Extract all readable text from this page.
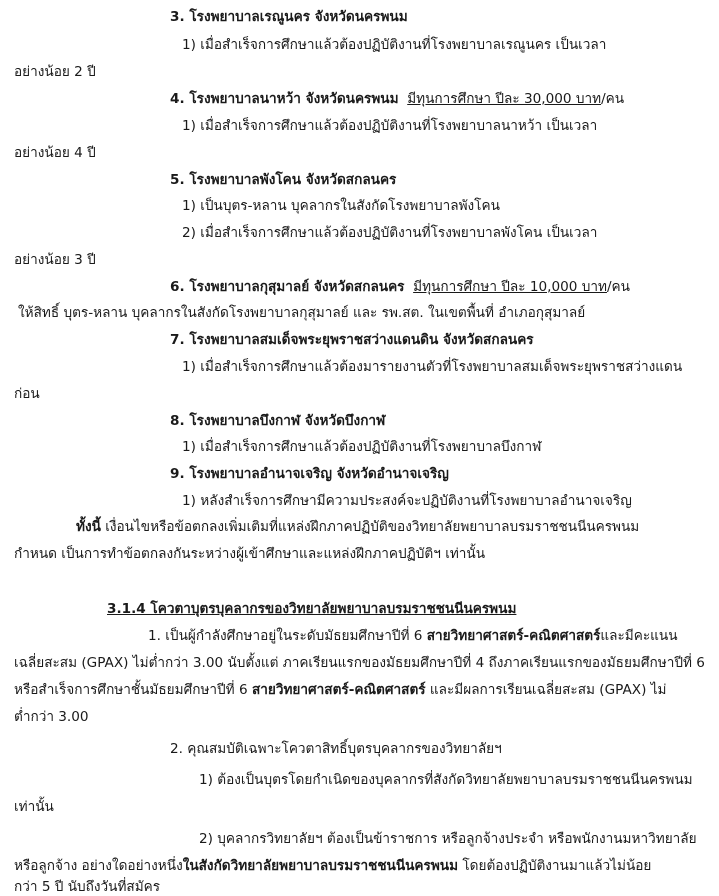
3. โรงพยาบาลเรณูนคร จังหวัดนครพนม
1) เมื่อสำเร็จการศึกษาแล้วต้องปฏิบัติงานที่โรงพยาบาลเรณูนคร เป็นเวลา
อย่างน้อย 2 ปี
4. โรงพยาบาลนาหว้า จังหวัดนครพนม มีทุนการศึกษา ปีละ 30,000 บาท/คน
1) เมื่อสำเร็จการศึกษาแล้วต้องปฏิบัติงานที่โรงพยาบาลนาหว้า เป็นเวลา
อย่างน้อย 4 ปี
5. โรงพยาบาลพังโคน จังหวัดสกลนคร
1) เป็นบุตร-หลาน บุคลากรในสังกัดโรงพยาบาลพังโคน
2) เมื่อสำเร็จการศึกษาแล้วต้องปฏิบัติงานที่โรงพยาบาลพังโคน เป็นเวลา
อย่างน้อย 3 ปี
6. โรงพยาบาลกุสุมาลย์ จังหวัดสกลนคร มีทุนการศึกษา ปีละ 10,000 บาท/คน
ให้สิทธิ์ บุตร-หลาน บุคลากรในสังกัดโรงพยาบาลกุสุมาลย์ และ รพ.สต. ในเขตพื้นที่ อำเภอกุสุมาลย์
7. โรงพยาบาลสมเด็จพระยุพราชสว่างแดนดิน จังหวัดสกลนคร
1) เมื่อสำเร็จการศึกษาแล้วต้องมารายงานตัวที่โรงพยาบาลสมเด็จพระยุพราชสว่างแดน
ก่อน
8. โรงพยาบาลบึงกาฬ จังหวัดบึงกาฬ
1) เมื่อสำเร็จการศึกษาแล้วต้องปฏิบัติงานที่โรงพยาบาลบึงกาฬ
9. โรงพยาบาลอำนาจเจริญ จังหวัดอำนาจเจริญ
1) หลังสำเร็จการศึกษามีความประสงค์จะปฏิบัติงานที่โรงพยาบาลอำนาจเจริญ
ทั้งนี้ เงื่อนไขหรือข้อตกลงเพิ่มเติมที่แหล่งฝึกภาคปฏิบัติของวิทยาลัยพยาบาลบรมราชชนนีนครพนม
กำหนด เป็นการทำข้อตกลงกันระหว่างผู้เข้าศึกษาและแหล่งฝึกภาคปฏิบัติฯ เท่านั้น
3.1.4 โควตาบุตรบุคลากรของวิทยาลัยพยาบาลบรมราชชนนีนครพนม
1. เป็นผู้กำลังศึกษาอยู่ในระดับมัธยมศึกษาปีที่ 6 สายวิทยาศาสตร์-คณิตศาสตร์และมีคะแนน
เฉลี่ยสะสม (GPAX) ไม่ต่ำกว่า 3.00 นับตั้งแต่ ภาคเรียนแรกของมัธยมศึกษาปีที่ 4 ถึงภาคเรียนแรกของมัธยมศึกษาปีที่ 6
หรือสำเร็จการศึกษาชั้นมัธยมศึกษาปีที่ 6 สายวิทยาศาสตร์-คณิตศาสตร์ และมีผลการเรียนเฉลี่ยสะสม (GPAX) ไม่
ต่ำกว่า 3.00
2. คุณสมบัติเฉพาะโควตาสิทธิ์บุตรบุคลากรของวิทยาลัยฯ
1) ต้องเป็นบุตรโดยกำเนิดของบุคลากรที่สังกัดวิทยาลัยพยาบาลบรมราชชนนีนครพนม
เท่านั้น
2) บุคลากรวิทยาลัยฯ ต้องเป็นข้าราชการ หรือลูกจ้างประจำ หรือพนักงานมหาวิทยาลัย
หรือลูกจ้าง อย่างใดอย่างหนึ่งในสังกัดวิทยาลัยพยาบาลบรมราชชนนีนครพนม โดยต้องปฏิบัติงานมาแล้วไม่น้อย
กว่า 5 ปี นับถึงวันที่สมัคร
